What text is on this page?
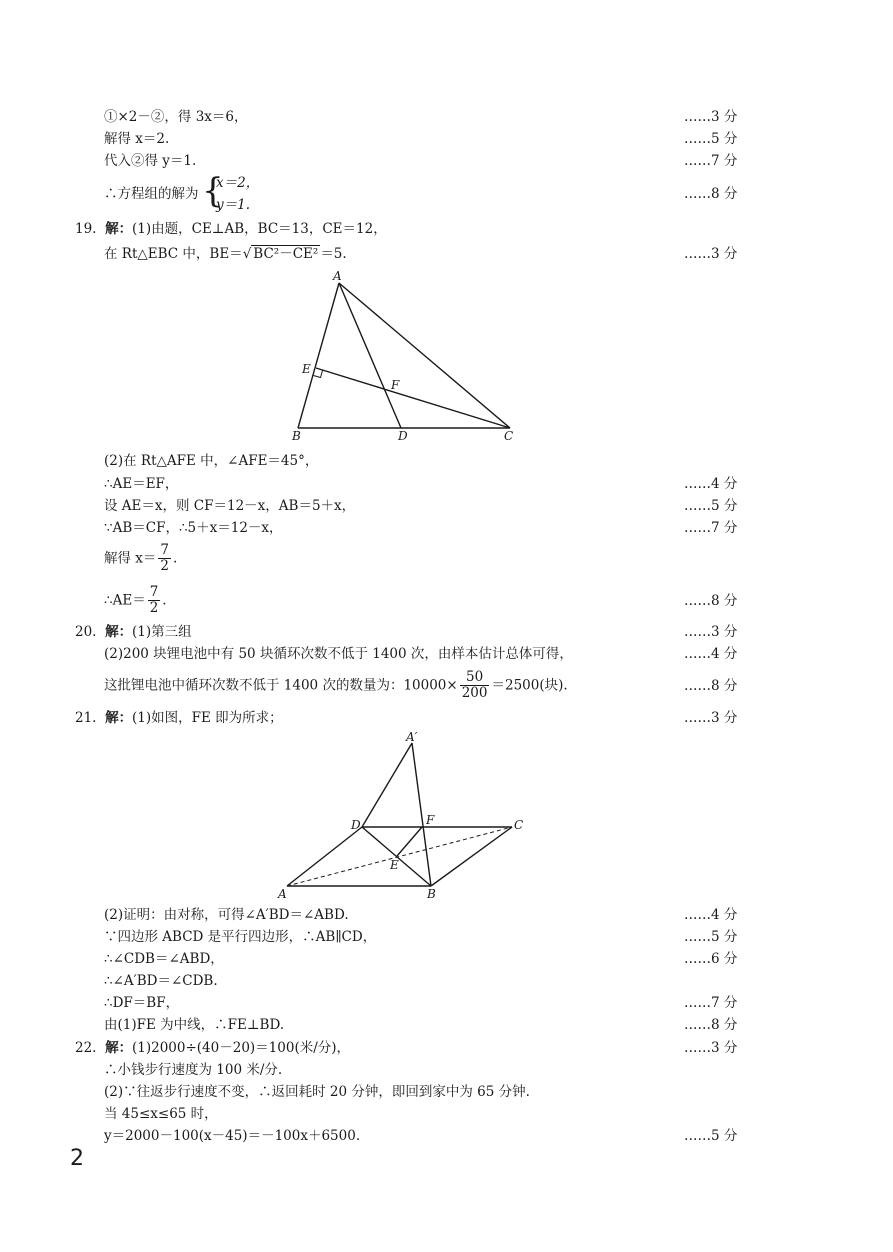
①×2－②，得 3x＝6，	……3 分
解得 x＝2.	……5 分
代入②得 y＝1.	……7 分
∴方程组的解为 {
x＝2，
y＝1.
……8 分
19. 解： (1)由题，CE⊥AB，BC＝13，CE＝12，
在 Rt△EBC 中，BE＝√ BC²－CE² ＝5.	……3 分
A
E
F
B	D	C
(2)在 Rt△AFE 中，∠AFE＝45°，
∴AE＝EF，	……4 分
设 AE＝x，则 CF＝12－x，AB＝5＋x，	……5 分
∵AB＝CF，∴5＋x＝12－x，	……7 分
解得 $x= \frac{7}{2}$ .
∴AE＝ $\frac{7}{2}$ .	……8 分
20. 解： (1)第三组	……3 分
(2)200 块锂电池中有 50 块循环次数不低于 1400 次，由样本估计总体可得，	……4 分
这批锂电池中循环次数不低于 1400 次的数量为：$10000\times \frac{50}{200} =2500$(块).	……8 分
21. 解： (1)如图，FE 即为所求；	……3 分
A′
D	F	C
E
A	B
(2)证明：由对称，可得∠A′BD＝∠ABD.	……4 分
∵四边形 ABCD 是平行四边形，∴AB∥CD，	……5 分
∴∠CDB＝∠ABD，	……6 分
∴∠A′BD＝∠CDB.
∴DF＝BF，	……7 分
由(1)FE 为中线，∴FE⊥BD.	……8 分
22. 解： (1)2000÷(40－20)＝100(米/分)，	……3 分
∴小钱步行速度为 100 米/分.
(2)∵往返步行速度不变，∴返回耗时 20 分钟，即回到家中为 65 分钟.
当 45≤x≤65 时，
y＝2000－100(x－45)＝－100x＋6500.	……5 分
2
